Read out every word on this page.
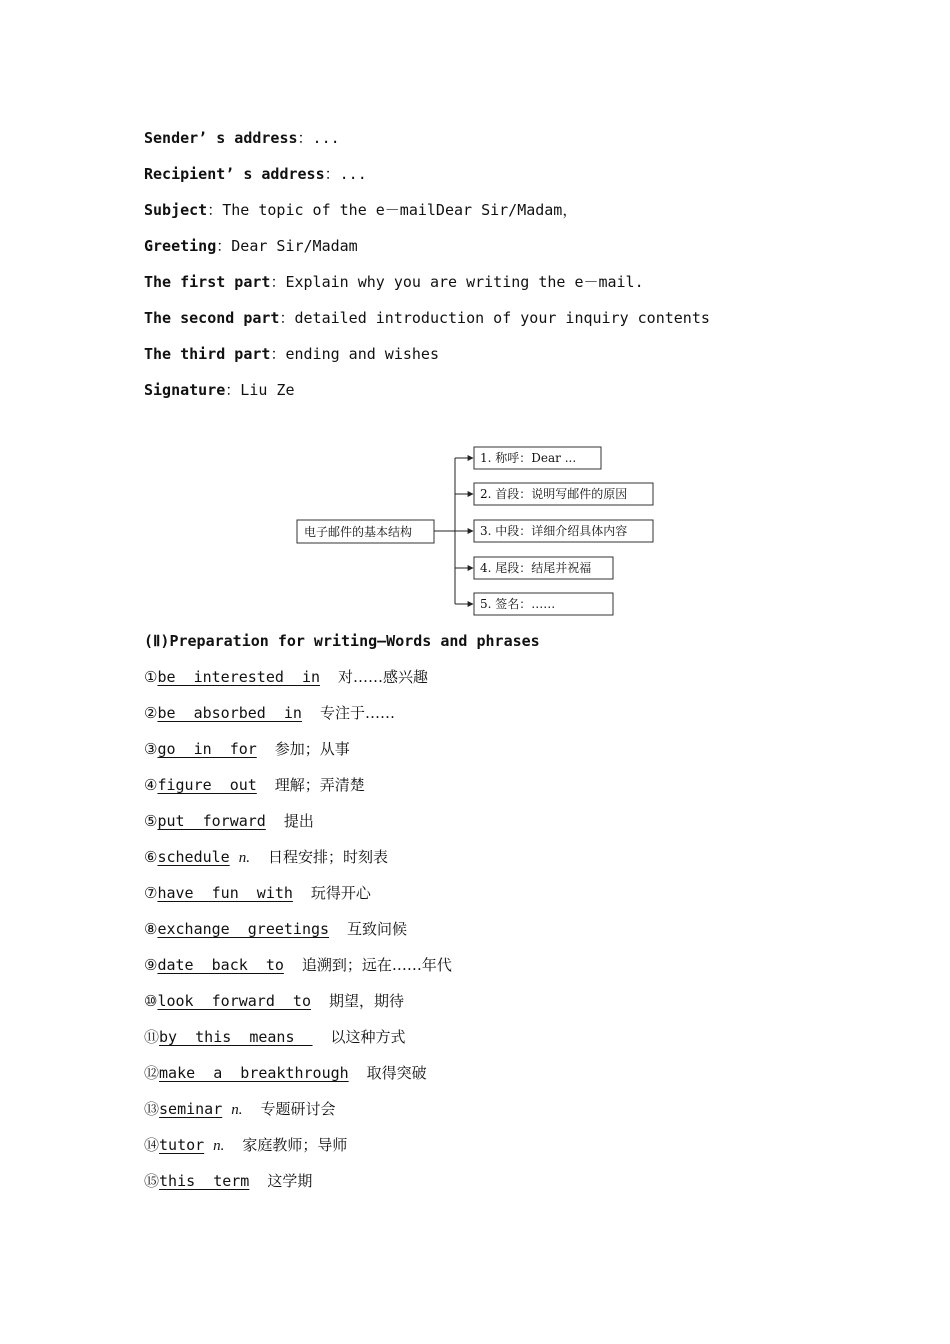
Sender’ s address：...
Recipient’ s address：...
Subject：The topic of the e－mailDear Sir/Madam，
Greeting：Dear Sir/Madam
The first part：Explain why you are writing the e－mail.
The second part：detailed introduction of your inquiry contents
The third part：ending and wishes
Signature：Liu Ze
电子邮件的基本结构
1. 称呼：Dear ...
2. 首段：说明写邮件的原因
3. 中段：详细介绍具体内容
4. 尾段：结尾并祝福
5. 签名：……
(Ⅱ)Preparation for writing—Words and phrases
①be  interested  in 对……感兴趣
②be  absorbed  in 专注于……
③go  in  for 参加；从事
④figure  out 理解；弄清楚
⑤put  forward 提出
⑥schedule n. 日程安排；时刻表
⑦have  fun  with 玩得开心
⑧exchange  greetings 互致问候
⑨date  back  to 追溯到；远在……年代
⑩look  forward  to 期望，期待
⑪by  this  means  以这种方式
⑫make  a  breakthrough 取得突破
⑬seminar n. 专题研讨会
⑭tutor n. 家庭教师；导师
⑮this  term 这学期
